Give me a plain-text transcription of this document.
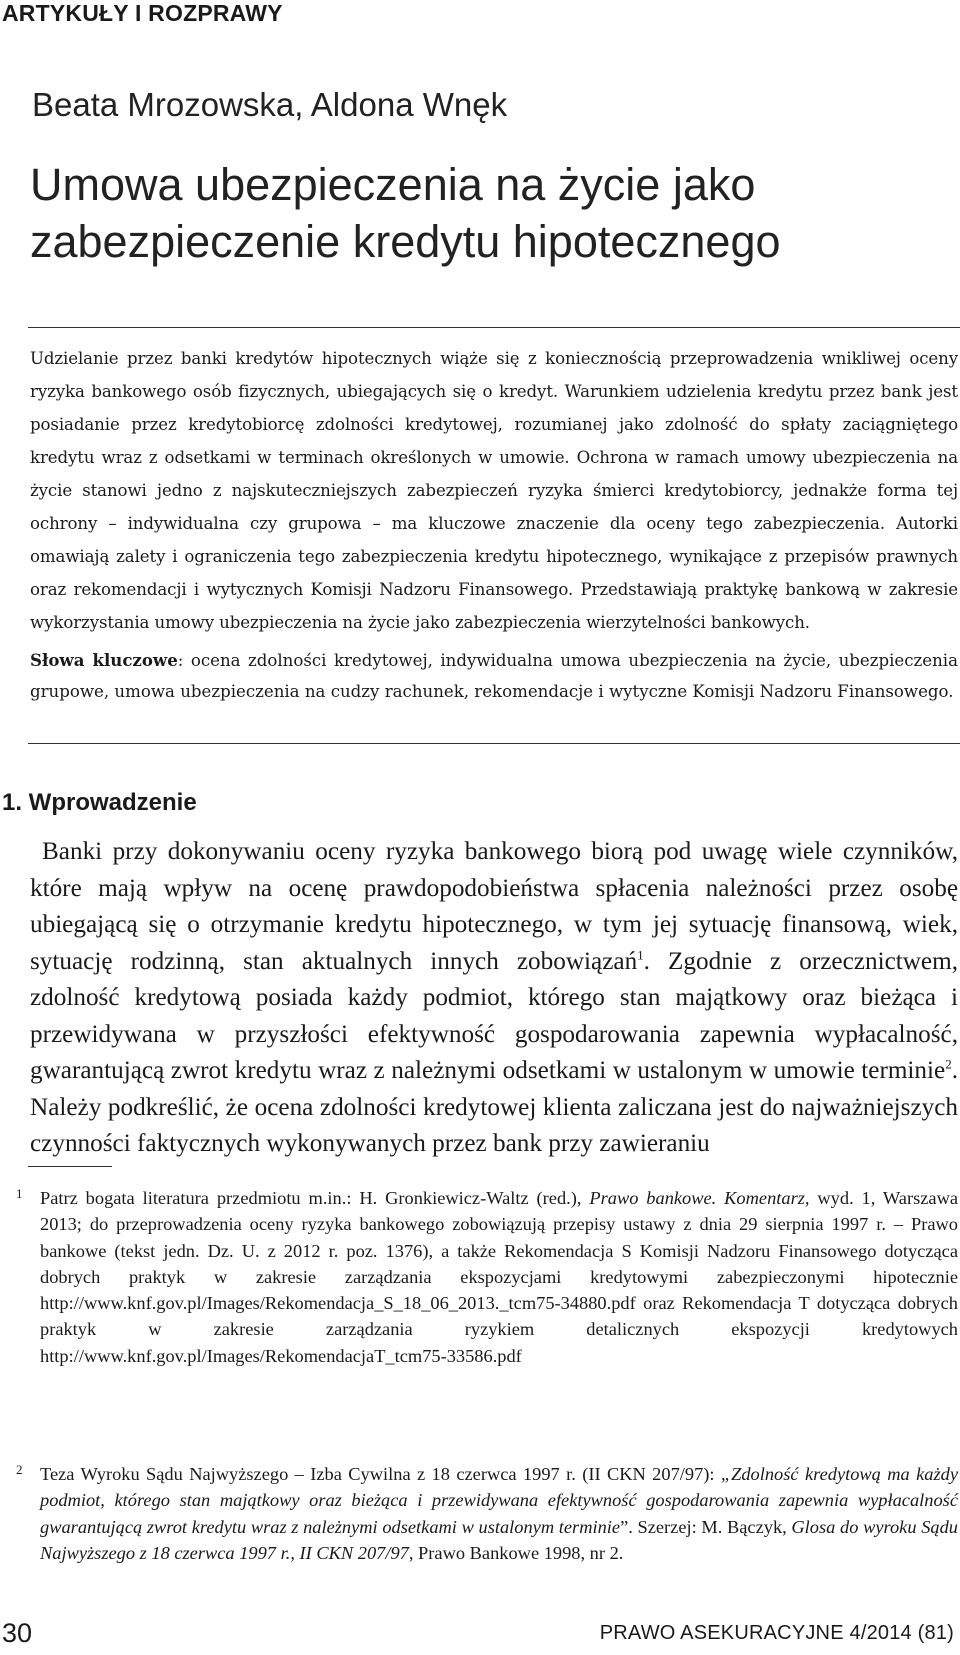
ARTYKUŁY I ROZPRAWY
Beata Mrozowska, Aldona Wnęk
Umowa ubezpieczenia na życie jako zabezpieczenie kredytu hipotecznego

Udzielanie przez banki kredytów hipotecznych wiąże się z koniecznością przeprowadzenia wnikliwej oceny ryzyka bankowego osób fizycznych, ubiegających się o kredyt. Warunkiem udzielenia kredytu przez bank jest posiadanie przez kredytobiorcę zdolności kredytowej, rozumianej jako zdolność do spłaty zaciągniętego kredytu wraz z odsetkami w terminach określonych w umowie. Ochrona w ramach umowy ubezpieczenia na życie stanowi jedno z najskuteczniejszych zabezpieczeń ryzyka śmierci kredytobiorcy, jednakże forma tej ochrony – indywidualna czy grupowa – ma kluczowe znaczenie dla oceny tego zabezpieczenia. Autorki omawiają zalety i ograniczenia tego zabezpieczenia kredytu hipotecznego, wynikające z przepisów prawnych oraz rekomendacji i wytycznych Komisji Nadzoru Finansowego. Przedstawiają praktykę bankową w zakresie wykorzystania umowy ubezpieczenia na życie jako zabezpieczenia wierzytelności bankowych.

Słowa kluczowe: ocena zdolności kredytowej, indywidualna umowa ubezpieczenia na życie, ubezpieczenia grupowe, umowa ubezpieczenia na cudzy rachunek, rekomendacje i wytyczne Komisji Nadzoru Finansowego.
1. Wprowadzenie
Banki przy dokonywaniu oceny ryzyka bankowego biorą pod uwagę wiele czynników, które mają wpływ na ocenę prawdopodobieństwa spłacenia należności przez osobę ubiegającą się o otrzymanie kredytu hipotecznego, w tym jej sytuację finansową, wiek, sytuację rodzinną, stan aktualnych innych zobowiązań$^1$. Zgodnie z orzecznictwem, zdolność kredytową posiada każdy podmiot, którego stan majątkowy oraz bieżąca i przewidywana w przyszłości efektywność gospodarowania zapewnia wypłacalność, gwarantującą zwrot kredytu wraz z należnymi odsetkami w ustalonym w umowie terminie$^2$. Należy podkreślić, że ocena zdolności kredytowej klienta zaliczana jest do najważniejszych czynności faktycznych wykonywanych przez bank przy zawieraniu
1 Patrz bogata literatura przedmiotu m.in.: H. Gronkiewicz-Waltz (red.), Prawo bankowe. Komentarz, wyd. 1, Warszawa 2013; do przeprowadzenia oceny ryzyka bankowego zobowiązują przepisy ustawy z dnia 29 sierpnia 1997 r. – Prawo bankowe (tekst jedn. Dz. U. z 2012 r. poz. 1376), a także Rekomendacja S Komisji Nadzoru Finansowego dotycząca dobrych praktyk w zakresie zarządzania ekspozycjami kredytowymi zabezpieczonymi hipotecznie http://www.knf.gov.pl/Images/Rekomendacja_S_18_06_2013._tcm75-34880.pdf oraz Rekomendacja T dotycząca dobrych praktyk w zakresie zarządzania ryzykiem detalicznych ekspozycji kredytowych http://www.knf.gov.pl/Images/RekomendacjaT_tcm75-33586.pdf
2 Teza Wyroku Sądu Najwyższego – Izba Cywilna z 18 czerwca 1997 r. (II CKN 207/97): „Zdolność kredytową ma każdy podmiot, którego stan majątkowy oraz bieżąca i przewidywana efektywność gospodarowania zapewnia wypłacalność gwarantującą zwrot kredytu wraz z należnymi odsetkami w ustalonym terminie”. Szerzej: M. Bączyk, Glosa do wyroku Sądu Najwyższego z 18 czerwca 1997 r., II CKN 207/97, Prawo Bankowe 1998, nr 2.
30	PRAWO ASEKURACYJNE 4/2014 (81)
